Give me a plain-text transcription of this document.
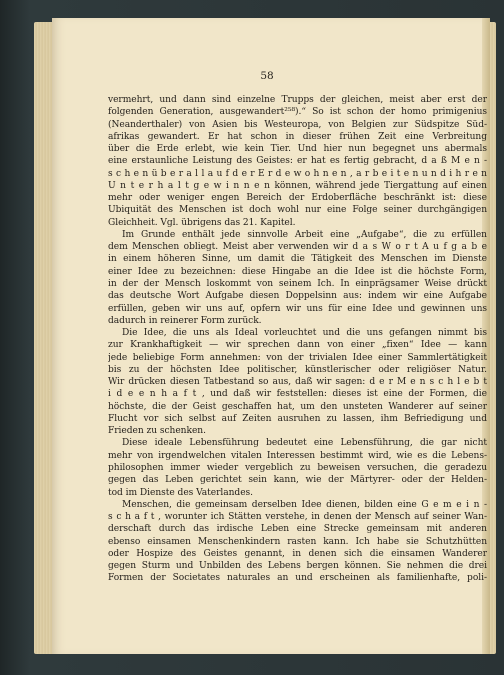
58
vermehrt, und dann sind einzelne Trupps der gleichen, meist aber erst der
folgenden Generation, ausgewandert²⁵⁸).“ So ist schon der homo primigenius
(Neanderthaler) von Asien bis Westeuropa, von Belgien zur Südspitze Süd-
afrikas gewandert. Er hat schon in dieser frühen Zeit eine Verbreitung
über die Erde erlebt, wie kein Tier. Und hier nun begegnet uns abermals
eine erstaunliche Leistung des Geistes: er hat es fertig gebracht, d a ß M e n -
s c h e n ü b e r a l l a u f d e r E r d e w o h n e n , a r b e i t e n u n d i h r e n
U n t e r h a l t g e w i n n e n können, während jede Tiergattung auf einen
mehr oder weniger engen Bereich der Erdoberfläche beschränkt ist: diese
Ubiquität des Menschen ist doch wohl nur eine Folge seiner durchgängigen
Gleichheit. Vgl. übrigens das 21. Kapitel.
Im Grunde enthält jede sinnvolle Arbeit eine „Aufgabe“, die zu erfüllen
dem Menschen obliegt. Meist aber verwenden wir d a s W o r t A u f g a b e
in einem höheren Sinne, um damit die Tätigkeit des Menschen im Dienste
einer Idee zu bezeichnen: diese Hingabe an die Idee ist die höchste Form,
in der der Mensch loskommt von seinem Ich. In einprägsamer Weise drückt
das deutsche Wort Aufgabe diesen Doppelsinn aus: indem wir eine Aufgabe
erfüllen, geben wir uns auf, opfern wir uns für eine Idee und gewinnen uns
dadurch in reinerer Form zurück.
Die Idee, die uns als Ideal vorleuchtet und die uns gefangen nimmt bis
zur Krankhaftigkeit — wir sprechen dann von einer „fixen“ Idee — kann
jede beliebige Form annehmen: von der trivialen Idee einer Sammlertätigkeit
bis zu der höchsten Idee politischer, künstlerischer oder religiöser Natur.
Wir drücken diesen Tatbestand so aus, daß wir sagen: d e r M e n s c h l e b t
i d e e n h a f t , und daß wir feststellen: dieses ist eine der Formen, die
höchste, die der Geist geschaffen hat, um den unsteten Wanderer auf seiner
Flucht vor sich selbst auf Zeiten ausruhen zu lassen, ihm Befriedigung und
Frieden zu schenken.
Diese ideale Lebensführung bedeutet eine Lebensführung, die gar nicht
mehr von irgendwelchen vitalen Interessen bestimmt wird, wie es die Lebens-
philosophen immer wieder vergeblich zu beweisen versuchen, die geradezu
gegen das Leben gerichtet sein kann, wie der Märtyrer- oder der Helden-
tod im Dienste des Vaterlandes.
Menschen, die gemeinsam derselben Idee dienen, bilden eine G e m e i n -
s c h a f t , worunter ich Stätten verstehe, in denen der Mensch auf seiner Wan-
derschaft durch das irdische Leben eine Strecke gemeinsam mit anderen
ebenso einsamen Menschenkindern rasten kann. Ich habe sie Schutzhütten
oder Hospize des Geistes genannt, in denen sich die einsamen Wanderer
gegen Sturm und Unbilden des Lebens bergen können. Sie nehmen die drei
Formen der Societates naturales an und erscheinen als familienhafte, poli-
